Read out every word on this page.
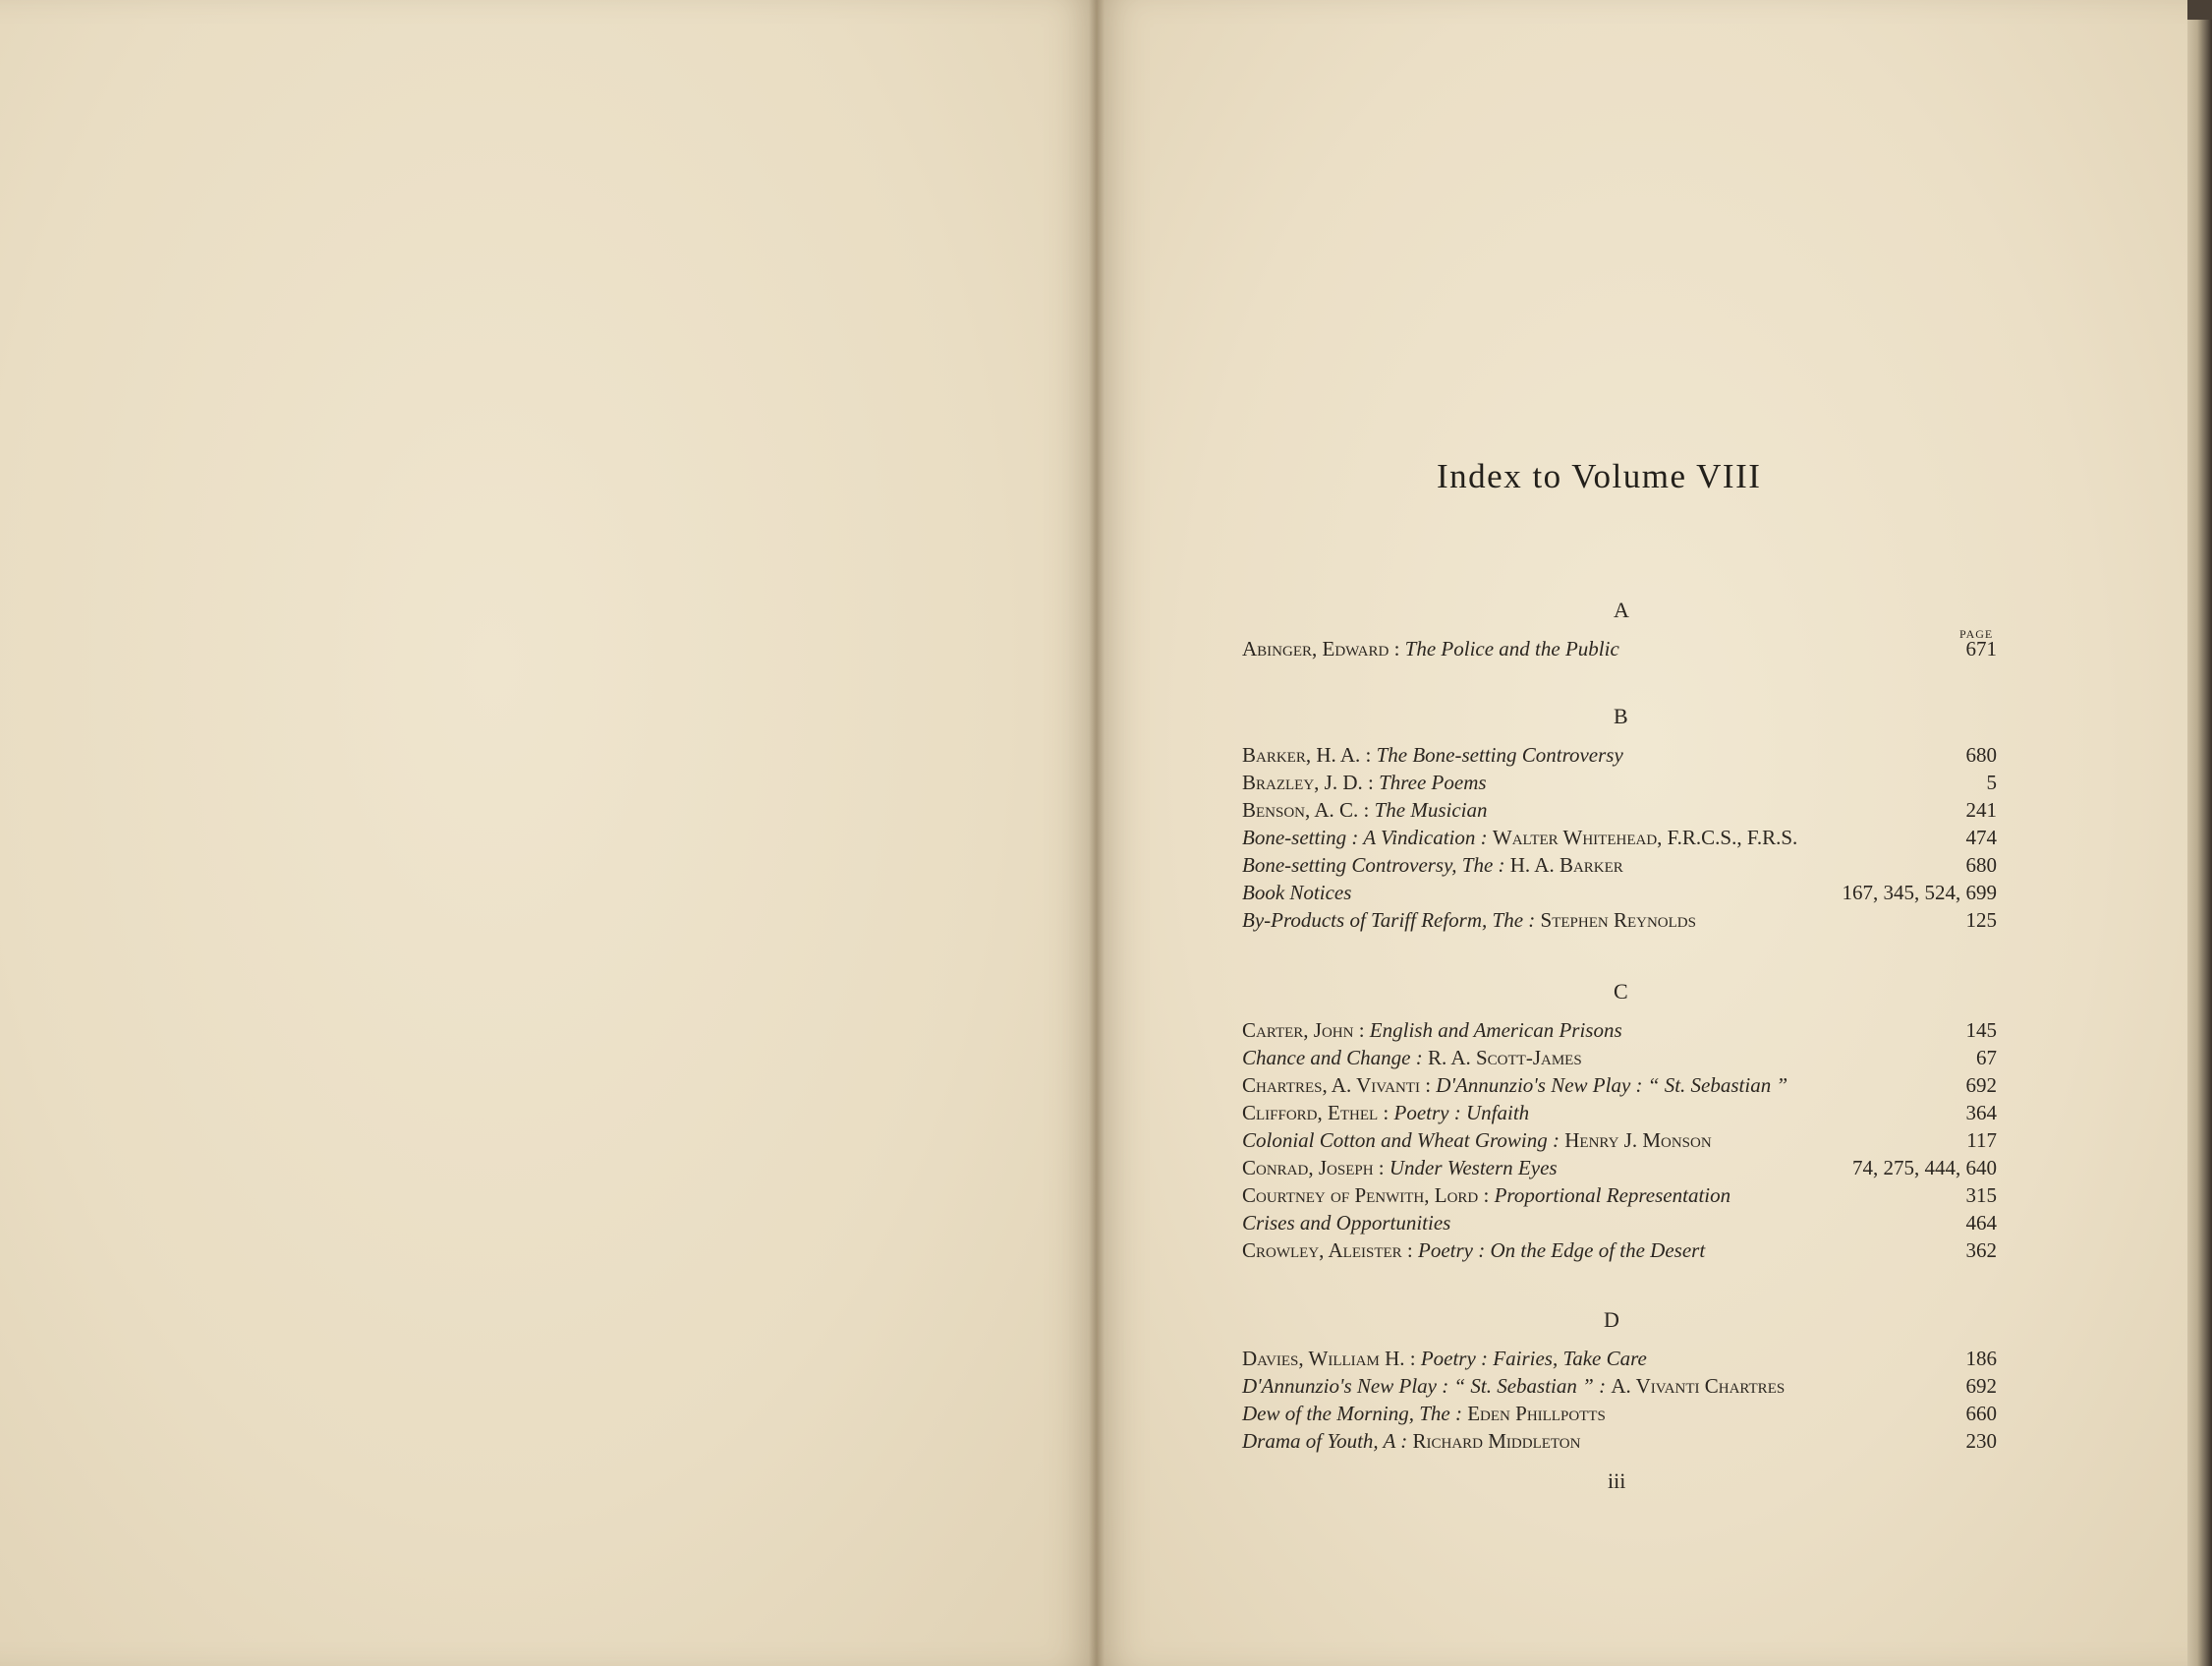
Index to Volume VIII
PAGE
A
Abinger, Edward : The Police and the Public	671
B
Barker, H. A. : The Bone-setting Controversy	680
Brazley, J. D. : Three Poems	5
Benson, A. C. : The Musician	241
Bone-setting : A Vindication : Walter Whitehead, F.R.C.S., F.R.S.	474
Bone-setting Controversy, The : H. A. Barker	680
Book Notices	167, 345, 524, 699
By-Products of Tariff Reform, The : Stephen Reynolds	125
C
Carter, John : English and American Prisons	145
Chance and Change : R. A. Scott-James	67
Chartres, A. Vivanti : D'Annunzio's New Play : “ St. Sebastian ”	692
Clifford, Ethel : Poetry : Unfaith	364
Colonial Cotton and Wheat Growing : Henry J. Monson	117
Conrad, Joseph : Under Western Eyes	74, 275, 444, 640
Courtney of Penwith, Lord : Proportional Representation	315
Crises and Opportunities	464
Crowley, Aleister : Poetry : On the Edge of the Desert	362
D
Davies, William H. : Poetry : Fairies, Take Care	186
D'Annunzio's New Play : “ St. Sebastian ” : A. Vivanti Chartres	692
Dew of the Morning, The : Eden Phillpotts	660
Drama of Youth, A : Richard Middleton	230
iii
